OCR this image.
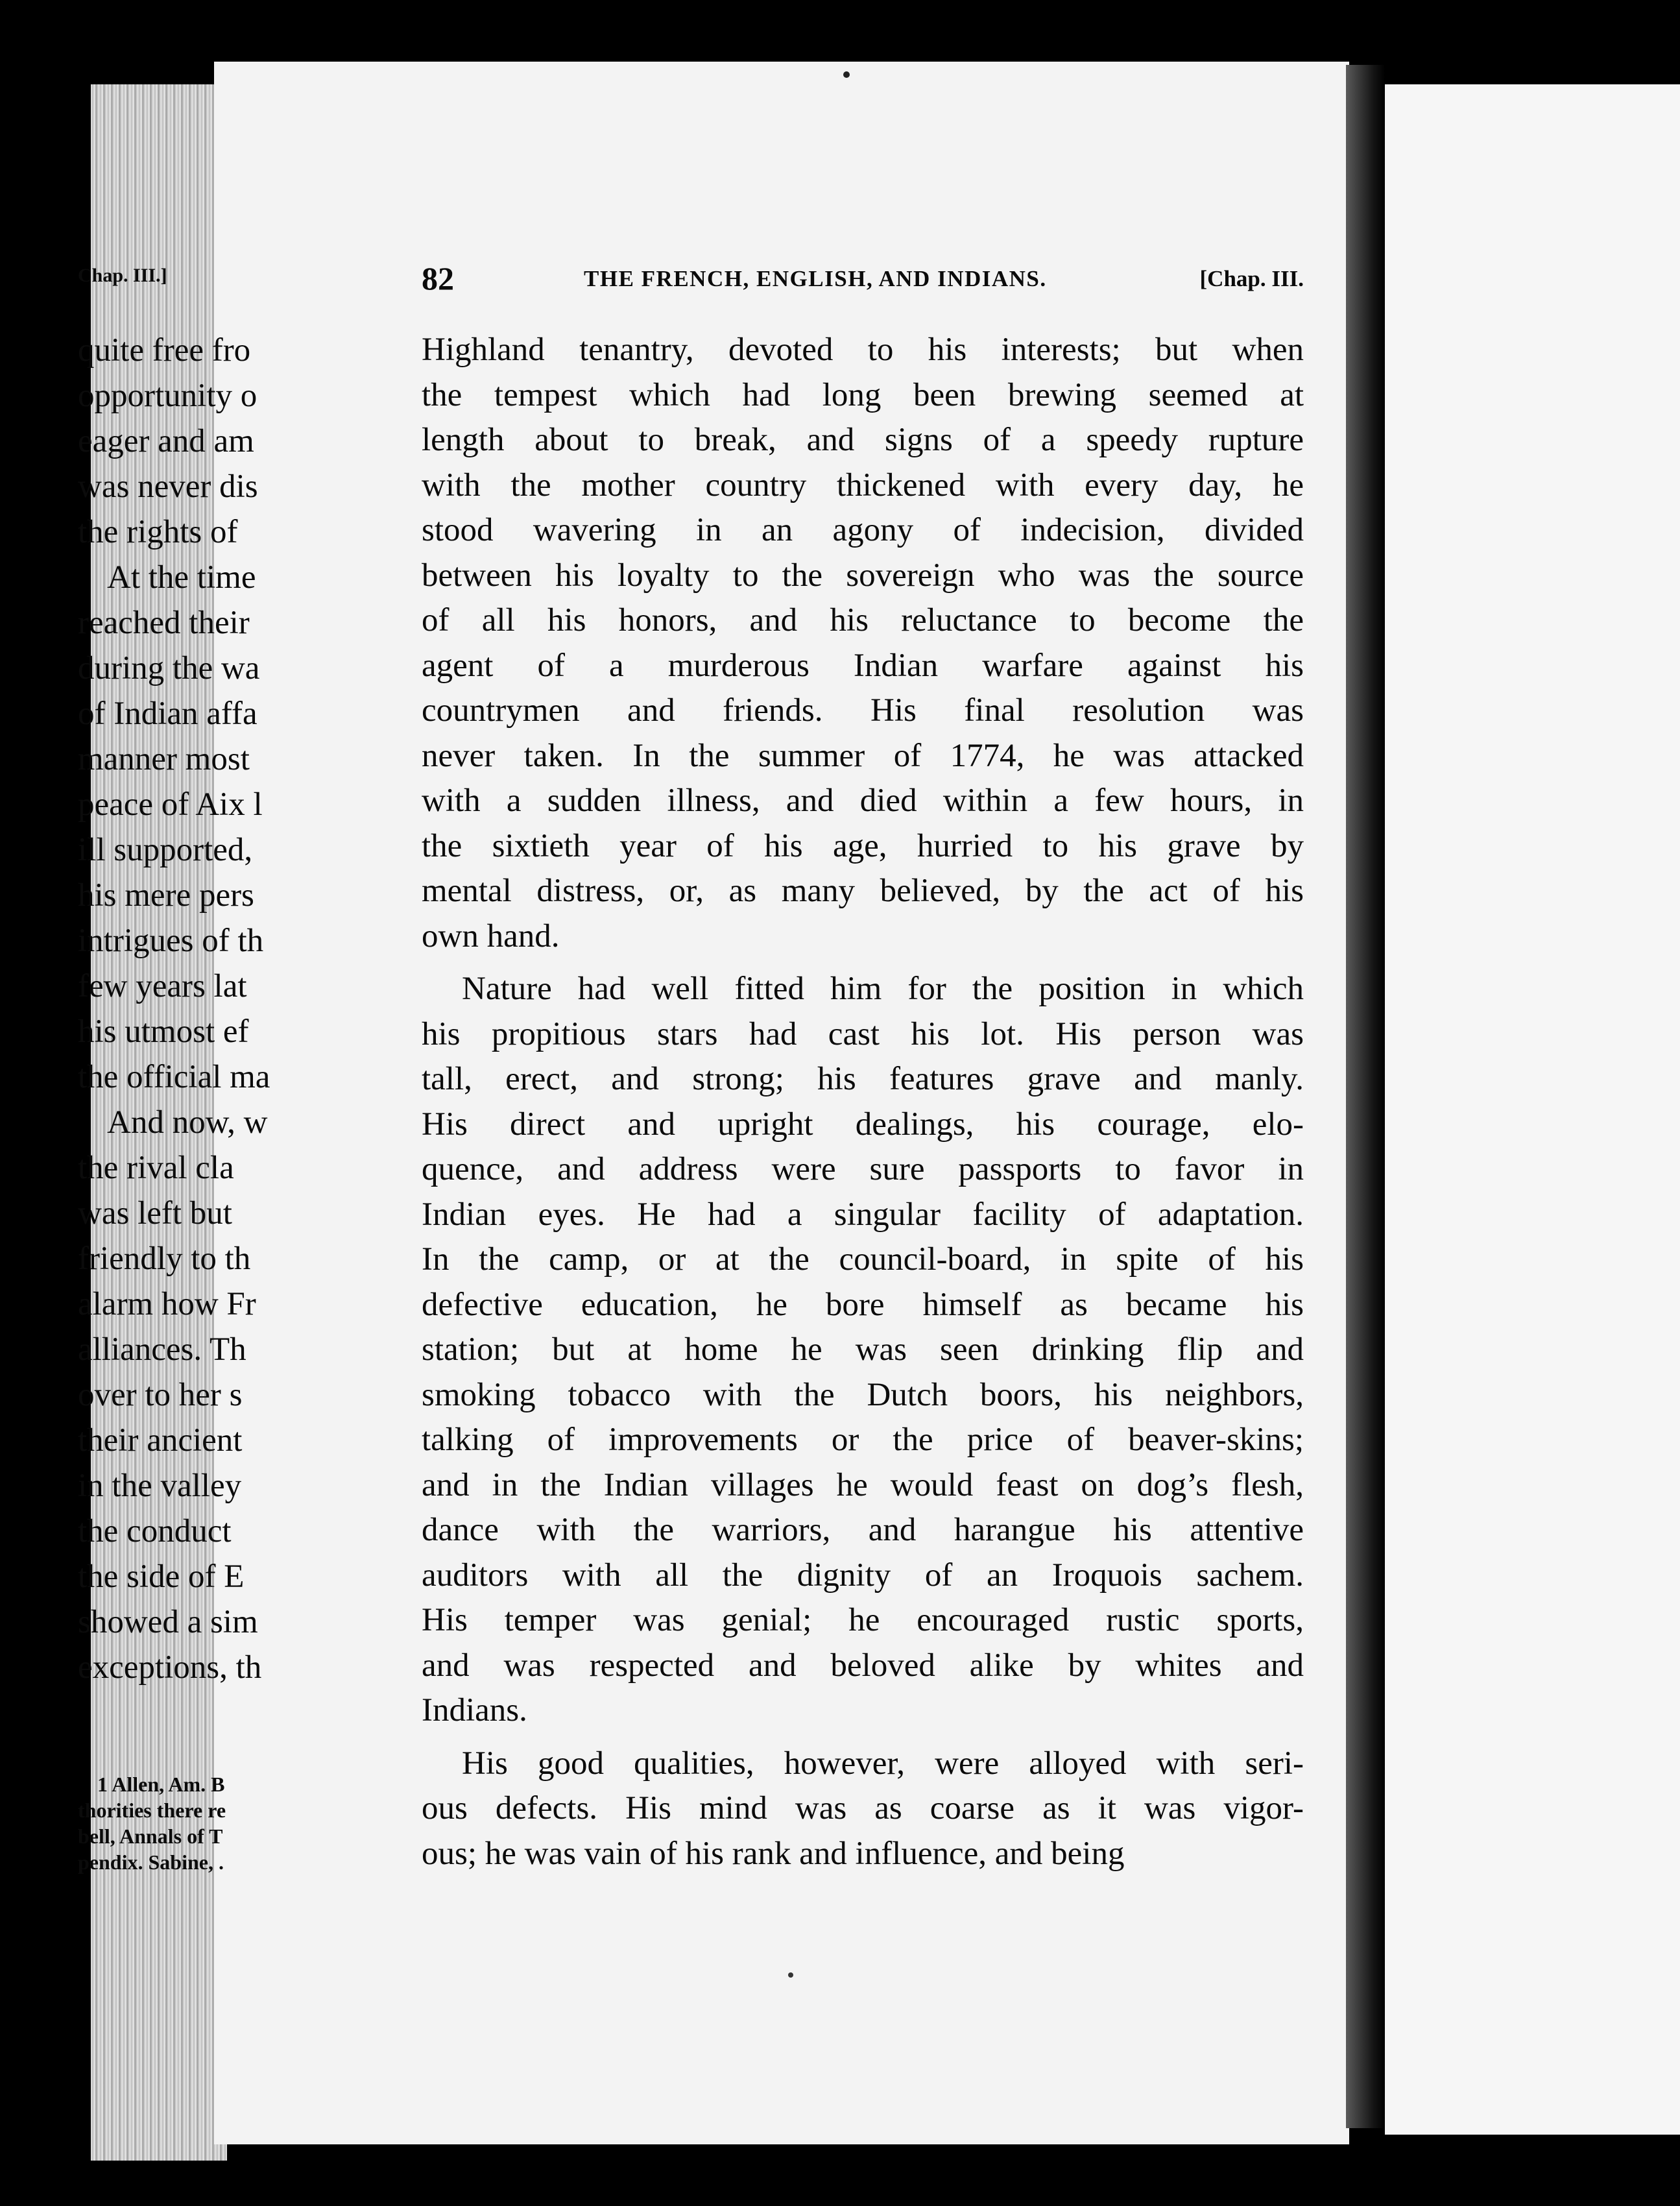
82	THE FRENCH, ENGLISH, AND INDIANS.	[Chap. III.
Highland tenantry, devoted to his interests; but when
the tempest which had long been brewing seemed at
length about to break, and signs of a speedy rupture
with the mother country thickened with every day, he
stood wavering in an agony of indecision, divided
between his loyalty to the sovereign who was the source
of all his honors, and his reluctance to become the
agent of a murderous Indian warfare against his
countrymen and friends. His final resolution was
never taken. In the summer of 1774, he was attacked
with a sudden illness, and died within a few hours, in
the sixtieth year of his age, hurried to his grave by
mental distress, or, as many believed, by the act of his
own hand.
Nature had well fitted him for the position in which
his propitious stars had cast his lot. His person was
tall, erect, and strong; his features grave and manly.
His direct and upright dealings, his courage, elo-
quence, and address were sure passports to favor in
Indian eyes. He had a singular facility of adaptation.
In the camp, or at the council-board, in spite of his
defective education, he bore himself as became his
station; but at home he was seen drinking flip and
smoking tobacco with the Dutch boors, his neighbors,
talking of improvements or the price of beaver-skins;
and in the Indian villages he would feast on dog’s flesh,
dance with the warriors, and harangue his attentive
auditors with all the dignity of an Iroquois sachem.
His temper was genial; he encouraged rustic sports,
and was respected and beloved alike by whites and
Indians.
His good qualities, however, were alloyed with seri-
ous defects. His mind was as coarse as it was vigor-
ous; he was vain of his rank and influence, and being
Chap. III.]
quite free fro
opportunity o
eager and am
was never dis
the rights of
At the time
reached their
during the wa
of Indian affa
manner most
peace of Aix l
ill supported,
his mere pers
intrigues of th
few years lat
his utmost ef
the official ma
And now, w
the rival cla
was left but
friendly to th
alarm how Fr
alliances. Th
over to her s
their ancient
in the valley
the conduct
the side of E
showed a sim
exceptions, th
1 Allen, Am. B
thorities there re
bell, Annals of T
pendix. Sabine, .
